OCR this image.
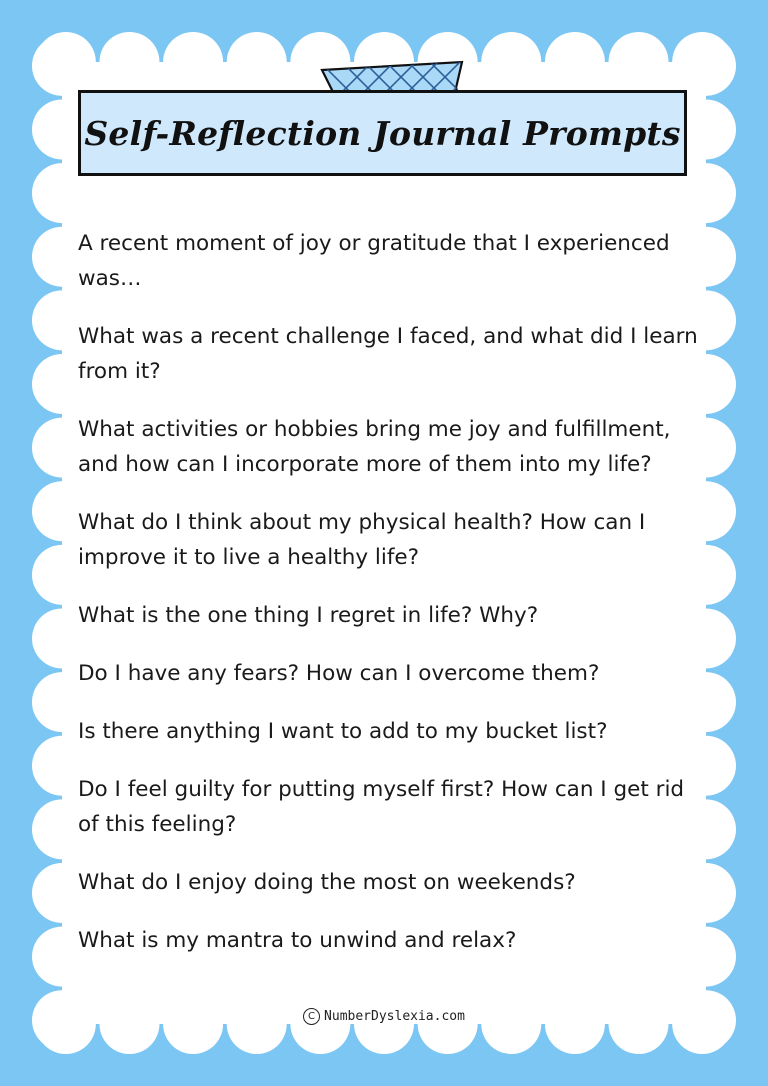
Self-Reflection Journal Prompts
A recent moment of joy or gratitude that I experienced was…
What was a recent challenge I faced, and what did I learn from it?
What activities or hobbies bring me joy and fulfillment, and how can I incorporate more of them into my life?
What do I think about my physical health? How can I improve it to live a healthy life?
What is the one thing I regret in life? Why?
Do I have any fears? How can I overcome them?
Is there anything I want to add to my bucket list?
Do I feel guilty for putting myself first? How can I get rid of this feeling?
What do I enjoy doing the most on weekends?
What is my mantra to unwind and relax?
C NumberDyslexia.com
